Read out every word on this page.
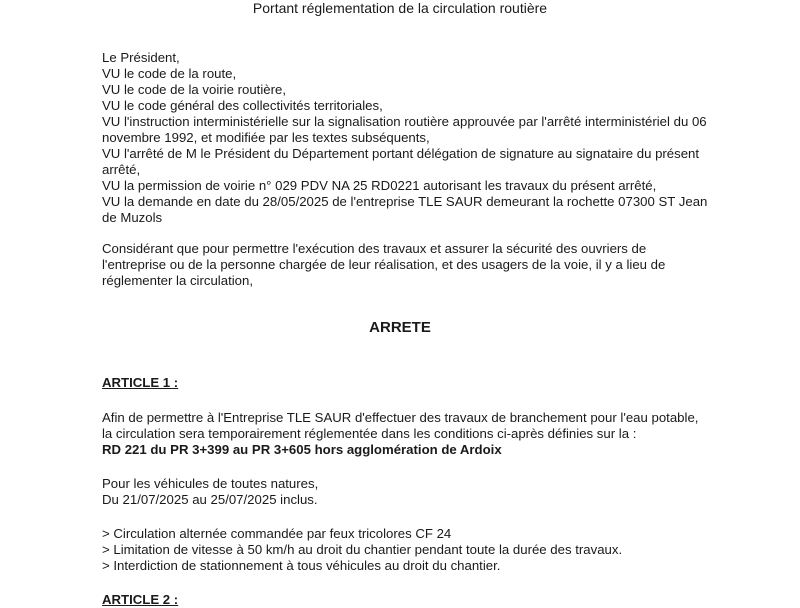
Portant réglementation de la circulation routière
Le Président,
VU le code de la route,
VU le code de la voirie routière,
VU le code général des collectivités territoriales,
VU l'instruction interministérielle sur la signalisation routière approuvée par l'arrêté interministériel du 06
novembre 1992, et modifiée par les textes subséquents,
VU l'arrêté de M le Président du Département portant délégation de signature au signataire du présent
arrêté,
VU la permission de voirie n° 029 PDV NA 25 RD0221 autorisant les travaux du présent arrêté,
VU la demande en date du 28/05/2025 de l'entreprise TLE SAUR demeurant la rochette 07300 ST Jean
de Muzols
Considérant que pour permettre l'exécution des travaux et assurer la sécurité des ouvriers de
l'entreprise ou de la personne chargée de leur réalisation, et des usagers de la voie, il y a lieu de
réglementer la circulation,
ARRETE
ARTICLE 1 :
Afin de permettre à l'Entreprise TLE SAUR d'effectuer des travaux de branchement pour l'eau potable,
la circulation sera temporairement réglementée dans les conditions ci-après définies sur la :
RD 221 du PR 3+399 au PR 3+605 hors agglomération de Ardoix
Pour les véhicules de toutes natures,
Du 21/07/2025 au 25/07/2025 inclus.
> Circulation alternée commandée par feux tricolores CF 24
> Limitation de vitesse à 50 km/h au droit du chantier pendant toute la durée des travaux.
> Interdiction de stationnement à tous véhicules au droit du chantier.
ARTICLE 2 :
